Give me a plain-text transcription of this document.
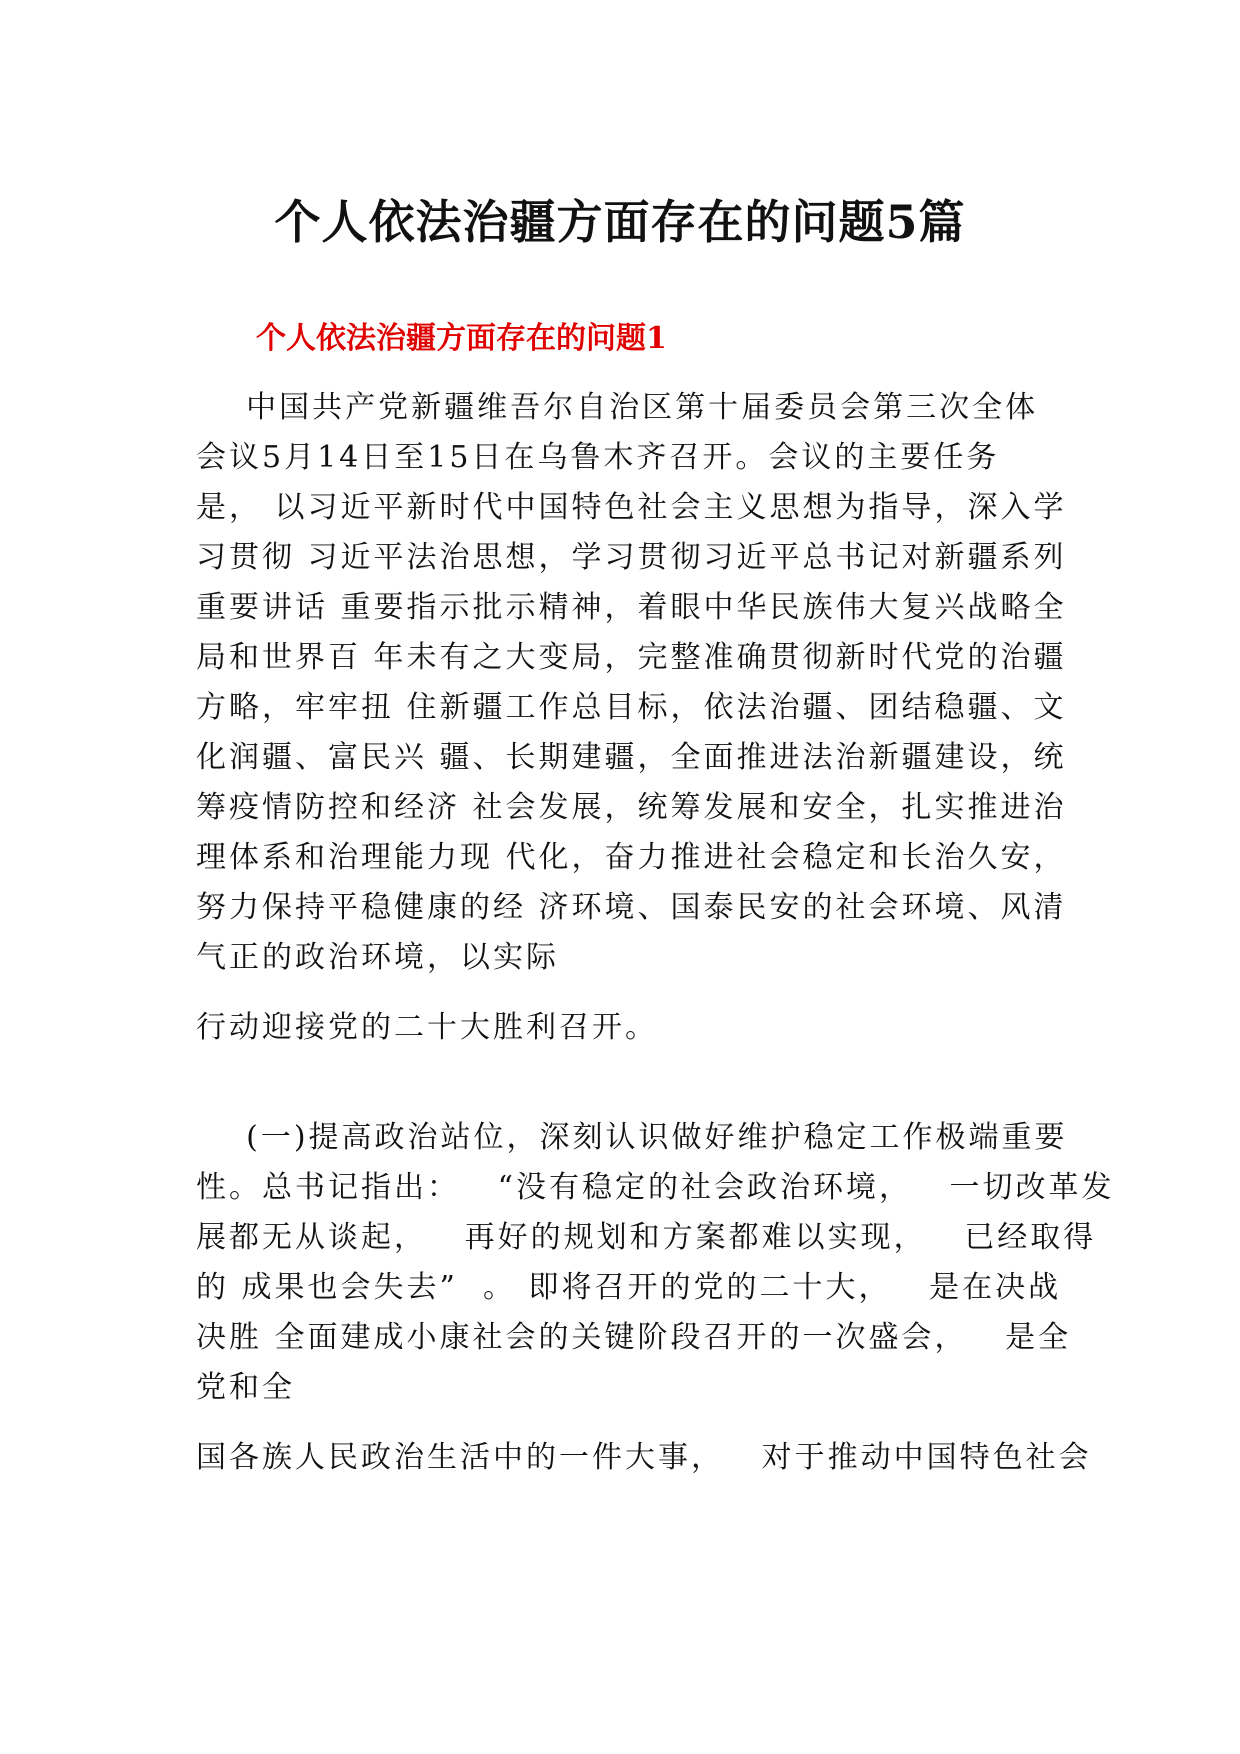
个人依法治疆方面存在的问题5篇
个人依法治疆方面存在的问题1

中国共产党新疆维吾尔自治区第十届委员会第三次全体

会议5月14日至15日在乌鲁木齐召开。会议的主要任务

是， 以习近平新时代中国特色社会主义思想为指导，深入学

习贯彻 习近平法治思想，学习贯彻习近平总书记对新疆系列

重要讲话 重要指示批示精神，着眼中华民族伟大复兴战略全

局和世界百 年未有之大变局，完整准确贯彻新时代党的治疆

方略，牢牢扭 住新疆工作总目标，依法治疆、团结稳疆、文

化润疆、富民兴 疆、长期建疆，全面推进法治新疆建设，统

筹疫情防控和经济 社会发展，统筹发展和安全，扎实推进治

理体系和治理能力现 代化，奋力推进社会稳定和长治久安，

努力保持平稳健康的经 济环境、国泰民安的社会环境、风清

气正的政治环境，以实际

行动迎接党的二十大胜利召开。

(一)提高政治站位，深刻认识做好维护稳定工作极端重要

性。总书记指出：   “没有稳定的社会政治环境，   一切改革发

展都无从谈起，   再好的规划和方案都难以实现，   已经取得

的 成果也会失去”  。 即将召开的党的二十大，   是在决战

决胜 全面建成小康社会的关键阶段召开的一次盛会，   是全

党和全

国各族人民政治生活中的一件大事，   对于推动中国特色社会
